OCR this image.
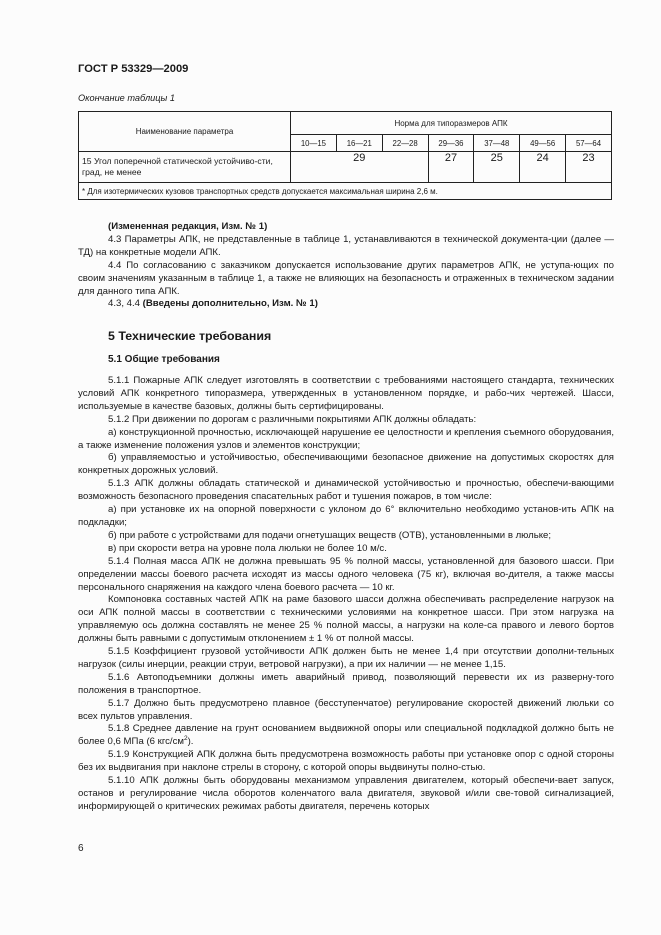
ГОСТ Р 53329—2009
Окончание таблицы 1
Наименование параметра	Норма для типоразмеров АПК						
	10—15	16—21	22—28	29—36	37—48	49—56	57—64
15 Угол поперечной статической устойчиво-сти, град, не менее	29			27	25	24	23
* Для изотермических кузовов транспортных средств допускается максимальная ширина 2,6 м.							

(Измененная редакция, Изм. № 1)

4.3 Параметры АПК, не представленные в таблице 1, устанавливаются в технической документа-ции (далее — ТД) на конкретные модели АПК.

4.4 По согласованию с заказчиком допускается использование других параметров АПК, не уступа-ющих по своим значениям указанным в таблице 1, а также не влияющих на безопасность и отраженных в техническом задании для данного типа АПК.

4.3, 4.4 (Введены дополнительно, Изм. № 1)

5 Технические требования
5.1 Общие требования

5.1.1 Пожарные АПК следует изготовлять в соответствии с требованиями настоящего стандарта, технических условий АПК конкретного типоразмера, утвержденных в установленном порядке, и рабо-чих чертежей. Шасси, используемые в качестве базовых, должны быть сертифицированы.

5.1.2 При движении по дорогам с различными покрытиями АПК должны обладать:

а) конструкционной прочностью, исключающей нарушение ее целостности и крепления съемного оборудования, а также изменение положения узлов и элементов конструкции;

б) управляемостью и устойчивостью, обеспечивающими безопасное движение на допустимых скоростях для конкретных дорожных условий.

5.1.3 АПК должны обладать статической и динамической устойчивостью и прочностью, обеспечи-вающими возможность безопасного проведения спасательных работ и тушения пожаров, в том числе:

а) при установке их на опорной поверхности с уклоном до 6° включительно необходимо установ-ить АПК на подкладки;

б) при работе с устройствами для подачи огнетушащих веществ (ОТВ), установленными в люльке;

в) при скорости ветра на уровне пола люльки не более 10 м/с.

5.1.4 Полная масса АПК не должна превышать 95 % полной массы, установленной для базового шасси. При определении массы боевого расчета исходят из массы одного человека (75 кг), включая во-дителя, а также массы персонального снаряжения на каждого члена боевого расчета — 10 кг.

Компоновка составных частей АПК на раме базового шасси должна обеспечивать распределение нагрузок на оси АПК полной массы в соответствии с техническими условиями на конкретное шасси. При этом нагрузка на управляемую ось должна составлять не менее 25 % полной массы, а нагрузки на коле-са правого и левого бортов должны быть равными с допустимым отклонением ± 1 % от полной массы.

5.1.5 Коэффициент грузовой устойчивости АПК должен быть не менее 1,4 при отсутствии дополни-тельных нагрузок (силы инерции, реакции струи, ветровой нагрузки), а при их наличии — не менее 1,15.

5.1.6 Автоподъемники должны иметь аварийный привод, позволяющий перевести их из разверну-того положения в транспортное.

5.1.7 Должно быть предусмотрено плавное (бесступенчатое) регулирование скоростей движений люльки со всех пультов управления.

5.1.8 Среднее давление на грунт основанием выдвижной опоры или специальной подкладкой должно быть не более 0,6 МПа (6 кгс/$см^2$).

5.1.9 Конструкцией АПК должна быть предусмотрена возможность работы при установке опор с одной стороны без их выдвигания при наклоне стрелы в сторону, с которой опоры выдвинуты полно-стью.

5.1.10 АПК должны быть оборудованы механизмом управления двигателем, который обеспечи-вает запуск, останов и регулирование числа оборотов коленчатого вала двигателя, звуковой и/или све-товой сигнализацией, информирующей о критических режимах работы двигателя, перечень которых

6
